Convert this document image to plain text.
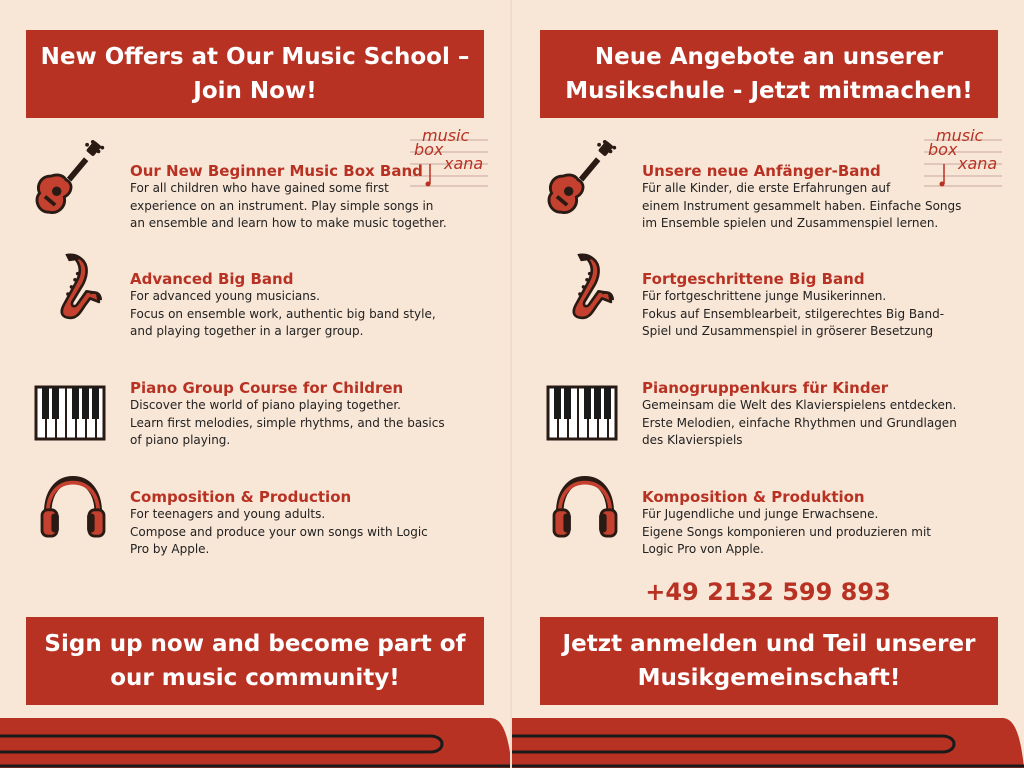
New Offers at Our Music School – Join Now!
music
box
xana
Our New Beginner Music Box Band
For all children who have gained some first
experience on an instrument. Play simple songs in
an ensemble and learn how to make music together.
Advanced Big Band
For advanced young musicians.
Focus on ensemble work, authentic big band style,
and playing together in a larger group.
Piano Group Course for Children
Discover the world of piano playing together.
Learn first melodies, simple rhythms, and the basics
of piano playing.
Composition & Production
For teenagers and young adults.
Compose and produce your own songs with Logic
Pro by Apple.
Sign up now and become part of our music community!
Neue Angebote an unserer Musikschule - Jetzt mitmachen!
music
box
xana
Unsere neue Anfänger-Band
Für alle Kinder, die erste Erfahrungen auf
einem Instrument gesammelt haben. Einfache Songs
im Ensemble spielen und Zusammenspiel lernen.
Fortgeschrittene Big Band
Für fortgeschrittene junge Musikerinnen.
Fokus auf Ensemblearbeit, stilgerechtes Big Band-
Spiel und Zusammenspiel in gröserer Besetzung
Pianogruppenkurs für Kinder
Gemeinsam die Welt des Klavierspielens entdecken.
Erste Melodien, einfache Rhythmen und Grundlagen
des Klavierspiels
Komposition & Produktion
Für Jugendliche und junge Erwachsene.
Eigene Songs komponieren und produzieren mit
Logic Pro von Apple.
+49 2132 599 893
Jetzt anmelden und Teil unserer Musikgemeinschaft!
